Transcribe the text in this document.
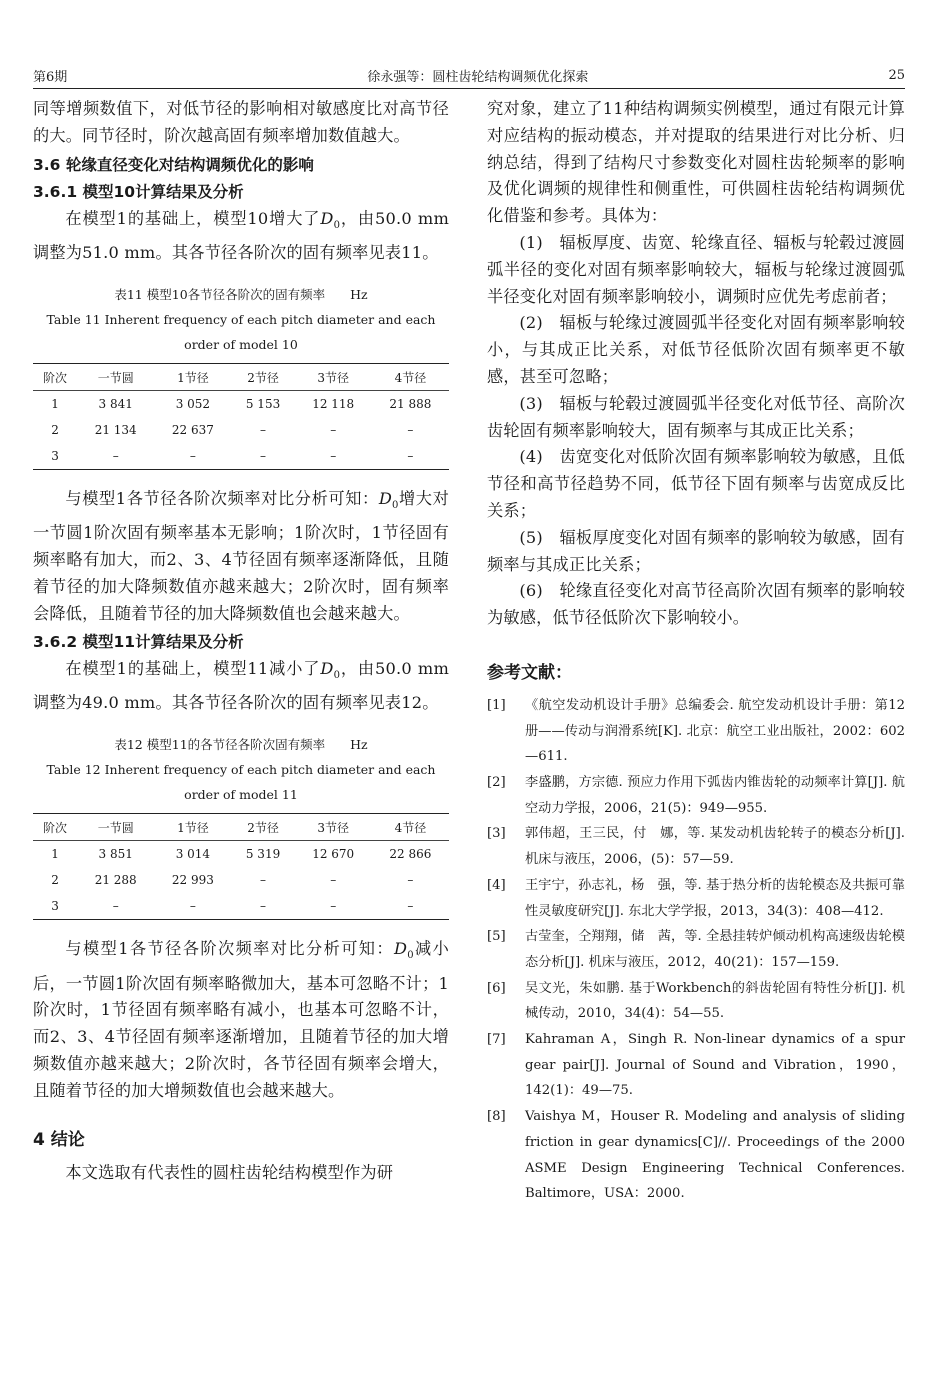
第6期	徐永强等：圆柱齿轮结构调频优化探索	25

同等增频数值下，对低节径的影响相对敏感度比对高节径的大。同节径时，阶次越高固有频率增加数值越大。

3.6 轮缘直径变化对结构调频优化的影响
3.6.1 模型10计算结果及分析

在模型1的基础上，模型10增大了$D_0$，由50.0 mm调整为51.0 mm。其各节径各阶次的固有频率见表11。

表11 模型10各节径各阶次的固有频率　　Hz
Table 11 Inherent frequency of each pitch diameter and each order of model 10
阶次	一节圆	1节径	2节径	3节径	4节径
1	3 841	3 052	5 153	12 118	21 888
2	21 134	22 637	–	–	–
3	–	–	–	–	–

与模型1各节径各阶次频率对比分析可知：$D_0$增大对一节圆1阶次固有频率基本无影响；1阶次时，1节径固有频率略有加大，而2、3、4节径固有频率逐渐降低，且随着节径的加大降频数值亦越来越大；2阶次时，固有频率会降低，且随着节径的加大降频数值也会越来越大。

3.6.2 模型11计算结果及分析

在模型1的基础上，模型11减小了$D_0$，由50.0 mm调整为49.0 mm。其各节径各阶次的固有频率见表12。

表12 模型11的各节径各阶次固有频率　　Hz
Table 12 Inherent frequency of each pitch diameter and each order of model 11
阶次	一节圆	1节径	2节径	3节径	4节径
1	3 851	3 014	5 319	12 670	22 866
2	21 288	22 993	–	–	–
3	–	–	–	–	–

与模型1各节径各阶次频率对比分析可知：$D_0$减小后，一节圆1阶次固有频率略微加大，基本可忽略不计；1阶次时，1节径固有频率略有减小，也基本可忽略不计，而2、3、4节径固有频率逐渐增加，且随着节径的加大增频数值亦越来越大；2阶次时，各节径固有频率会增大，且随着节径的加大增频数值也会越来越大。

4 结论

本文选取有代表性的圆柱齿轮结构模型作为研

究对象，建立了11种结构调频实例模型，通过有限元计算对应结构的振动模态，并对提取的结果进行对比分析、归纳总结，得到了结构尺寸参数变化对圆柱齿轮频率的影响及优化调频的规律性和侧重性，可供圆柱齿轮结构调频优化借鉴和参考。具体为：

(1)　辐板厚度、齿宽、轮缘直径、辐板与轮毂过渡圆弧半径的变化对固有频率影响较大，辐板与轮缘过渡圆弧半径变化对固有频率影响较小，调频时应优先考虑前者；

(2)　辐板与轮缘过渡圆弧半径变化对固有频率影响较小，与其成正比关系，对低节径低阶次固有频率更不敏感，甚至可忽略；

(3)　辐板与轮毂过渡圆弧半径变化对低节径、高阶次齿轮固有频率影响较大，固有频率与其成正比关系；

(4)　齿宽变化对低阶次固有频率影响较为敏感，且低节径和高节径趋势不同，低节径下固有频率与齿宽成反比关系；

(5)　辐板厚度变化对固有频率的影响较为敏感，固有频率与其成正比关系；

(6)　轮缘直径变化对高节径高阶次固有频率的影响较为敏感，低节径低阶次下影响较小。

参考文献：
[1]	《航空发动机设计手册》总编委会. 航空发动机设计手册：第12册——传动与润滑系统[K]. 北京：航空工业出版社，2002：602—611.
[2]	李盛鹏，方宗德. 预应力作用下弧齿内锥齿轮的动频率计算[J]. 航空动力学报，2006，21(5)：949—955.
[3]	郭伟超，王三民，付　娜，等. 某发动机齿轮转子的模态分析[J]. 机床与液压，2006，(5)：57—59.
[4]	王宇宁，孙志礼，杨　强，等. 基于热分析的齿轮模态及共振可靠性灵敏度研究[J]. 东北大学学报，2013，34(3)：408—412.
[5]	古莹奎，仝翔翔，储　茜，等. 全悬挂转炉倾动机构高速级齿轮模态分析[J]. 机床与液压，2012，40(21)：157—159.
[6]	吴文光，朱如鹏. 基于Workbench的斜齿轮固有特性分析[J]. 机械传动，2010，34(4)：54—55.
[7]	Kahraman A，Singh R. Non-linear dynamics of a spur gear pair[J]. Journal of Sound and Vibration，1990，142(1)：49—75.
[8]	Vaishya M，Houser R. Modeling and analysis of sliding friction in gear dynamics[C]//. Proceedings of the 2000 ASME Design Engineering Technical Conferences. Baltimore，USA：2000.
